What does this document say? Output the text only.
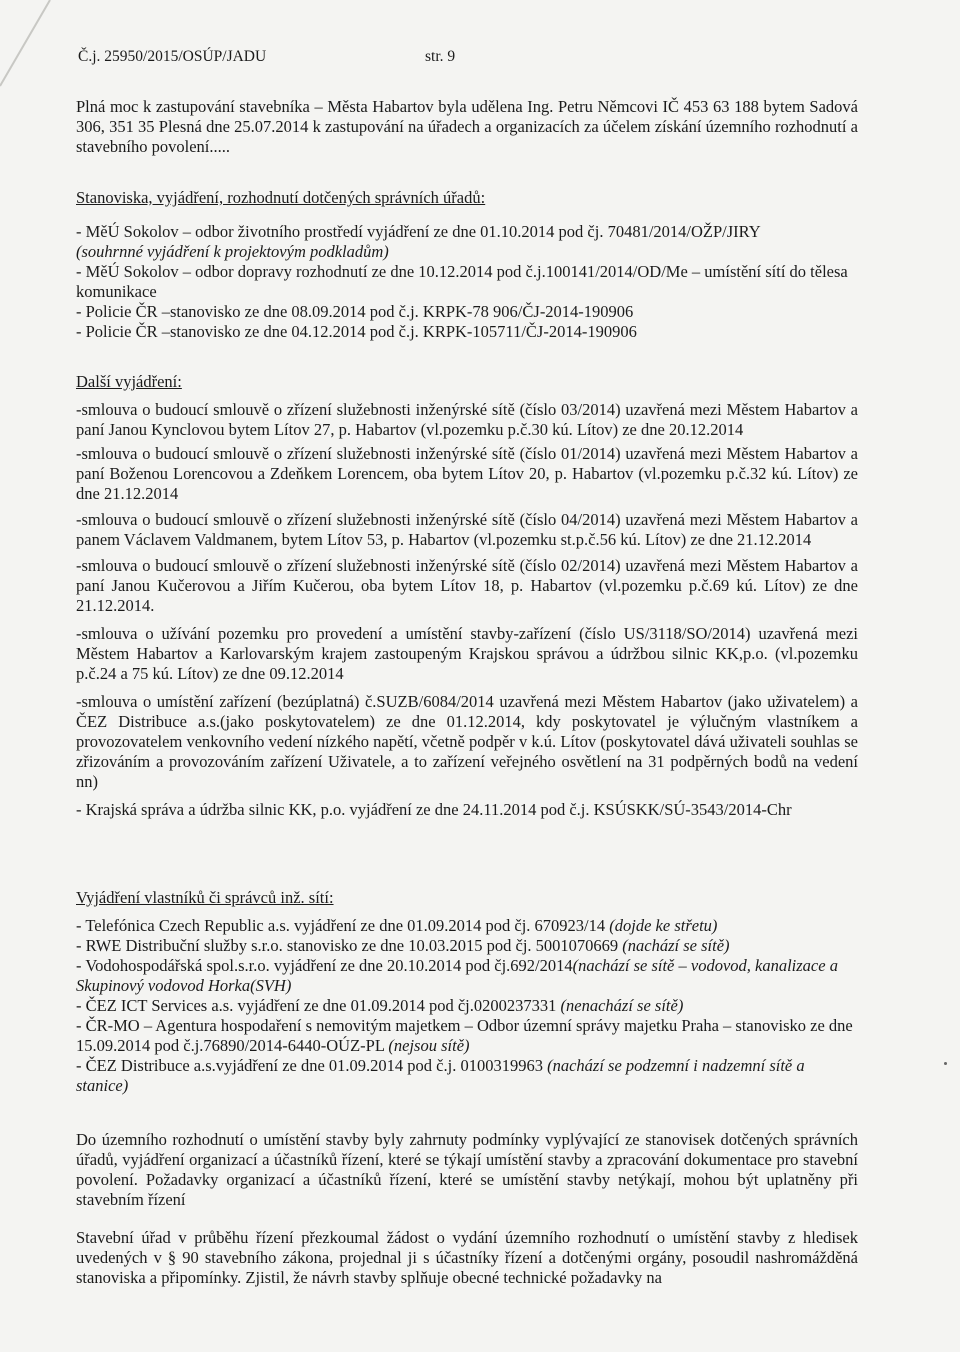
Č.j. 25950/2015/OSÚP/JADU	str. 9

Plná moc k zastupování stavebníka – Města Habartov byla udělena Ing. Petru Němcovi IČ 453 63 188 bytem Sadová 306, 351 35 Plesná dne 25.07.2014 k zastupování na úřadech a organizacích za účelem získání územního rozhodnutí a stavebního povolení.....

Stanoviska, vyjádření, rozhodnutí dotčených správních úřadů:

- MěÚ Sokolov – odbor životního prostředí vyjádření ze dne 01.10.2014 pod čj. 70481/2014/OŽP/JIRY

(souhrnné vyjádření k projektovým podkladům)

- MěÚ Sokolov – odbor dopravy rozhodnutí ze dne 10.12.2014 pod č.j.100141/2014/OD/Me – umístění sítí do tělesa komunikace

- Policie ČR –stanovisko ze dne 08.09.2014 pod č.j. KRPK-78 906/ČJ-2014-190906

- Policie ČR –stanovisko ze dne 04.12.2014 pod č.j. KRPK-105711/ČJ-2014-190906

Další vyjádření:

-smlouva o budoucí smlouvě o zřízení služebnosti inženýrské sítě (číslo 03/2014) uzavřená mezi Městem Habartov a paní Janou Kynclovou bytem Lítov 27, p. Habartov (vl.pozemku p.č.30 kú. Lítov) ze dne 20.12.2014

-smlouva o budoucí smlouvě o zřízení služebnosti inženýrské sítě (číslo 01/2014) uzavřená mezi Městem Habartov a paní Boženou Lorencovou a Zdeňkem Lorencem, oba bytem Lítov 20, p. Habartov (vl.pozemku p.č.32 kú. Lítov) ze dne 21.12.2014

-smlouva o budoucí smlouvě o zřízení služebnosti inženýrské sítě (číslo 04/2014) uzavřená mezi Městem Habartov a panem Václavem Valdmanem, bytem Lítov 53, p. Habartov (vl.pozemku st.p.č.56 kú. Lítov) ze dne 21.12.2014

-smlouva o budoucí smlouvě o zřízení služebnosti inženýrské sítě (číslo 02/2014) uzavřená mezi Městem Habartov a paní Janou Kučerovou a Jiřím Kučerou, oba bytem Lítov 18, p. Habartov (vl.pozemku p.č.69 kú. Lítov) ze dne 21.12.2014.

-smlouva o užívání pozemku pro provedení a umístění stavby-zařízení (číslo US/3118/SO/2014) uzavřená mezi Městem Habartov a Karlovarským krajem zastoupeným Krajskou správou a údržbou silnic KK,p.o. (vl.pozemku p.č.24 a 75 kú. Lítov) ze dne 09.12.2014

-smlouva o umístění zařízení (bezúplatná) č.SUZB/6084/2014 uzavřená mezi Městem Habartov (jako uživatelem) a ČEZ Distribuce a.s.(jako poskytovatelem) ze dne 01.12.2014, kdy poskytovatel je výlučným vlastníkem a provozovatelem venkovního vedení nízkého napětí, včetně podpěr v k.ú. Lítov (poskytovatel dává uživateli souhlas se zřizováním a provozováním zařízení Uživatele, a to zařízení veřejného osvětlení na 31 podpěrných bodů na vedení nn)

- Krajská správa a údržba silnic KK, p.o. vyjádření ze dne 24.11.2014 pod č.j. KSÚSKK/SÚ-3543/2014-Chr

Vyjádření vlastníků či správců inž. sítí:

- Telefónica Czech Republic a.s. vyjádření ze dne 01.09.2014 pod čj. 670923/14 (dojde ke střetu)

- RWE Distribuční služby s.r.o. stanovisko ze dne 10.03.2015 pod čj. 5001070669 (nachází se sítě)

- Vodohospodářská spol.s.r.o. vyjádření ze dne 20.10.2014 pod čj.692/2014(nachází se sítě – vodovod, kanalizace a Skupinový vodovod Horka(SVH)

- ČEZ ICT Services a.s. vyjádření ze dne 01.09.2014 pod čj.0200237331 (nenachází se sítě)

- ČR-MO – Agentura hospodaření s nemovitým majetkem – Odbor územní správy majetku Praha – stanovisko ze dne 15.09.2014 pod č.j.76890/2014-6440-OÚZ-PL (nejsou sítě)

- ČEZ Distribuce a.s.vyjádření ze dne 01.09.2014 pod č.j. 0100319963 (nachází se podzemní i nadzemní sítě a stanice)

Do územního rozhodnutí o umístění stavby byly zahrnuty podmínky vyplývající ze stanovisek dotčených správních úřadů, vyjádření organizací a účastníků řízení, které se týkají umístění stavby a zpracování dokumentace pro stavební povolení. Požadavky organizací a účastníků řízení, které se umístění stavby netýkají, mohou být uplatněny při stavebním řízení

Stavební úřad v průběhu řízení přezkoumal žádost o vydání územního rozhodnutí o umístění stavby z hledisek uvedených v § 90 stavebního zákona, projednal ji s účastníky řízení a dotčenými orgány, posoudil nashromážděná stanoviska a připomínky. Zjistil, že návrh stavby splňuje obecné technické požadavky na
